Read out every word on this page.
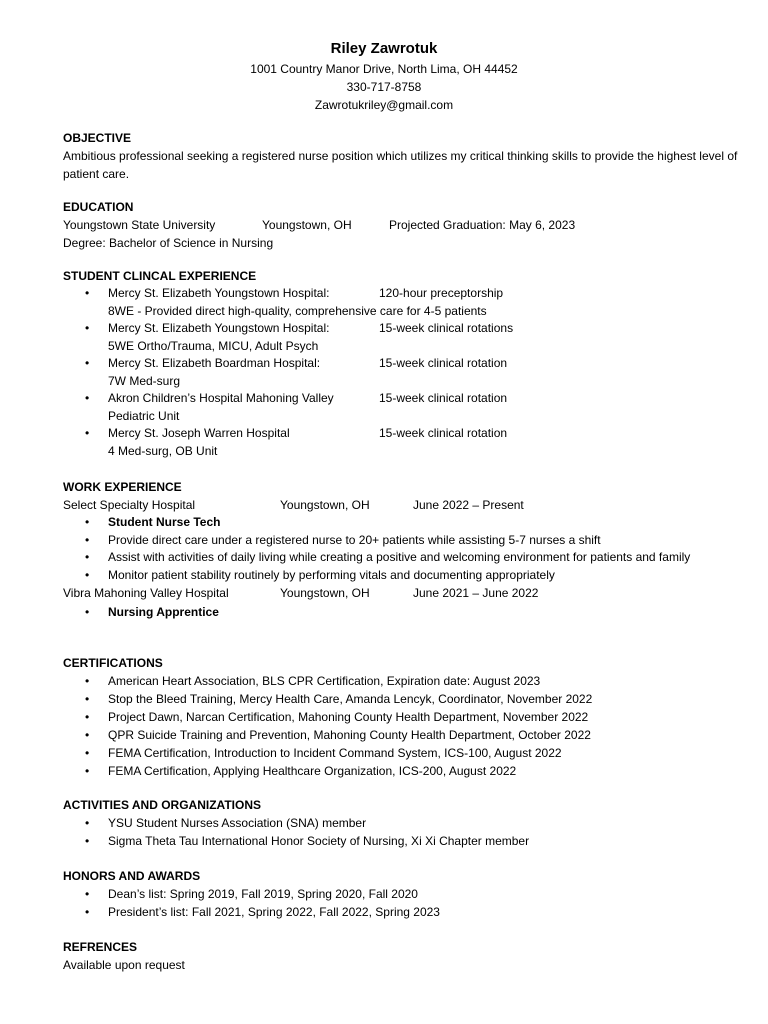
Riley Zawrotuk
1001 Country Manor Drive, North Lima, OH 44452
330-717-8758
Zawrotukriley@gmail.com
OBJECTIVE
Ambitious professional seeking a registered nurse position which utilizes my critical thinking skills to provide the highest level of patient care.
EDUCATION
Youngstown State University	Youngstown, OH	Projected Graduation: May 6, 2023
Degree: Bachelor of Science in Nursing
STUDENT CLINCAL EXPERIENCE
• Mercy St. Elizabeth Youngstown Hospital:	120-hour preceptorship
8WE - Provided direct high-quality, comprehensive care for 4-5 patients
• Mercy St. Elizabeth Youngstown Hospital:	15-week clinical rotations
5WE Ortho/Trauma, MICU, Adult Psych
• Mercy St. Elizabeth Boardman Hospital:	15-week clinical rotation
7W Med-surg
• Akron Children’s Hospital Mahoning Valley	15-week clinical rotation
Pediatric Unit
• Mercy St. Joseph Warren Hospital	15-week clinical rotation
4 Med-surg, OB Unit
WORK EXPERIENCE
Select Specialty Hospital	Youngstown, OH	June 2022 – Present
• Student Nurse Tech
• Provide direct care under a registered nurse to 20+ patients while assisting 5-7 nurses a shift
• Assist with activities of daily living while creating a positive and welcoming environment for patients and family
• Monitor patient stability routinely by performing vitals and documenting appropriately
Vibra Mahoning Valley Hospital	Youngstown, OH	June 2021 – June 2022
• Nursing Apprentice
CERTIFICATIONS
• American Heart Association, BLS CPR Certification, Expiration date: August 2023
• Stop the Bleed Training, Mercy Health Care, Amanda Lencyk, Coordinator, November 2022
• Project Dawn, Narcan Certification, Mahoning County Health Department, November 2022
• QPR Suicide Training and Prevention, Mahoning County Health Department, October 2022
• FEMA Certification, Introduction to Incident Command System, ICS-100, August 2022
• FEMA Certification, Applying Healthcare Organization, ICS-200, August 2022
ACTIVITIES AND ORGANIZATIONS
• YSU Student Nurses Association (SNA) member
• Sigma Theta Tau International Honor Society of Nursing, Xi Xi Chapter member
HONORS AND AWARDS
• Dean’s list: Spring 2019, Fall 2019, Spring 2020, Fall 2020
• President’s list: Fall 2021, Spring 2022, Fall 2022, Spring 2023
REFRENCES
Available upon request
